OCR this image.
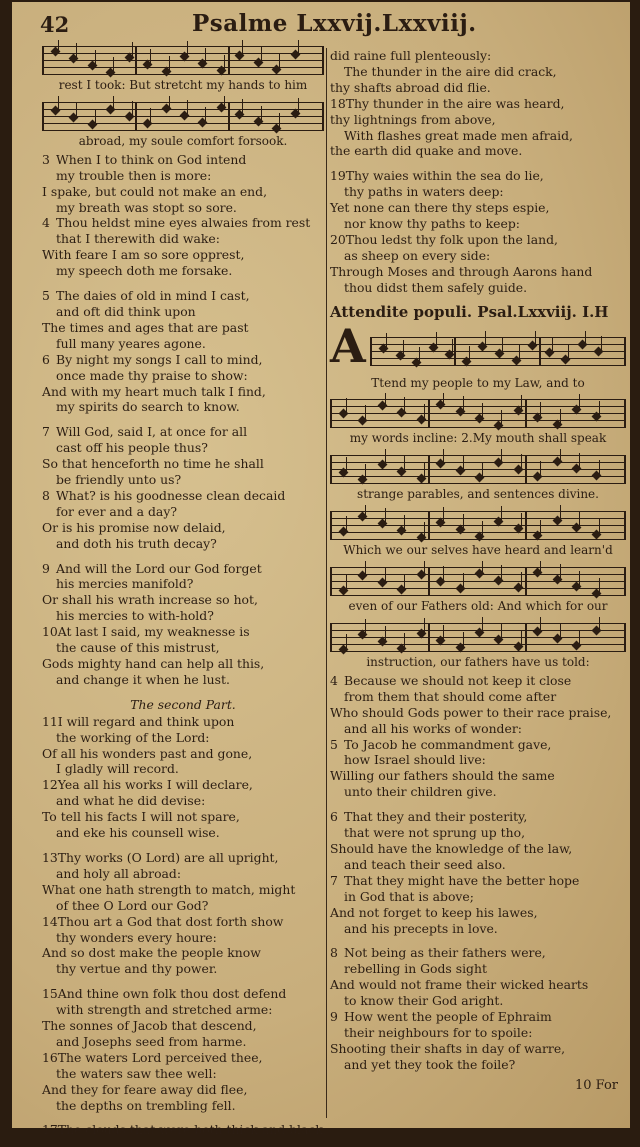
42	Psalme Lxxvij.Lxxviij.
rest I took: But stretcht my hands to him
abroad, my soule comfort forsook.
3 When I to think on God intend
my trouble then is more:
I spake, but could not make an end,
my breath was stopt so sore.
4 Thou heldst mine eyes alwaies from rest
that I therewith did wake:
With feare I am so sore opprest,
my speech doth me forsake.
5 The daies of old in mind I cast,
and oft did think upon
The times and ages that are past
full many yeares agone.
6 By night my songs I call to mind,
once made thy praise to show:
And with my heart much talk I find,
my spirits do search to know.
7 Will God, said I, at once for all
cast off his people thus?
So that henceforth no time he shall
be friendly unto us?
8 What? is his goodnesse clean decaid
for ever and a day?
Or is his promise now delaid,
and doth his truth decay?
9 And will the Lord our God forget
his mercies manifold?
Or shall his wrath increase so hot,
his mercies to with-hold?
10At last I said, my weaknesse is
the cause of this mistrust,
Gods mighty hand can help all this,
and change it when he lust.
The second Part.
11I will regard and think upon
the working of the Lord:
Of all his wonders past and gone,
I gladly will record.
12Yea all his works I will declare,
and what he did devise:
To tell his facts I will not spare,
and eke his counsell wise.
13Thy works (O Lord) are all upright,
and holy all abroad:
What one hath strength to match, might
of thee O Lord our God?
14Thou art a God that dost forth show
thy wonders every houre:
And so dost make the people know
thy vertue and thy power.
15And thine own folk thou dost defend
with strength and stretched arme:
The sonnes of Jacob that descend,
and Josephs seed from harme.
16The waters Lord perceived thee,
the waters saw thee well:
And they for feare away did flee,
the depths on trembling fell.
17The clouds that were both thick and black,
did raine full plenteously:
The thunder in the aire did crack,
thy shafts abroad did flie.
18Thy thunder in the aire was heard,
thy lightnings from above,
With flashes great made men afraid,
the earth did quake and move.
19Thy waies within the sea do lie,
thy paths in waters deep:
Yet none can there thy steps espie,
nor know thy paths to keep:
20Thou ledst thy folk upon the land,
as sheep on every side:
Through Moses and through Aarons hand
thou didst them safely guide.
Attendite populi. Psal.Lxxviij. I.H
A
Ttend my people to my Law, and to
my words incline: 2.My mouth shall speak
strange parables, and sentences divine.
Which we our selves have heard and learn'd
even of our Fathers old: And which for our
instruction, our fathers have us told:
4 Because we should not keep it close
from them that should come after
Who should Gods power to their race praise,
and all his works of wonder:
5 To Jacob he commandment gave,
how Israel should live:
Willing our fathers should the same
unto their children give.
6 That they and their posterity,
that were not sprung up tho,
Should have the knowledge of the law,
and teach their seed also.
7 That they might have the better hope
in God that is above;
And not forget to keep his lawes,
and his precepts in love.
8 Not being as their fathers were,
rebelling in Gods sight
And would not frame their wicked hearts
to know their God aright.
9 How went the people of Ephraim
their neighbours for to spoile:
Shooting their shafts in day of warre,
and yet they took the foile?
10 For
